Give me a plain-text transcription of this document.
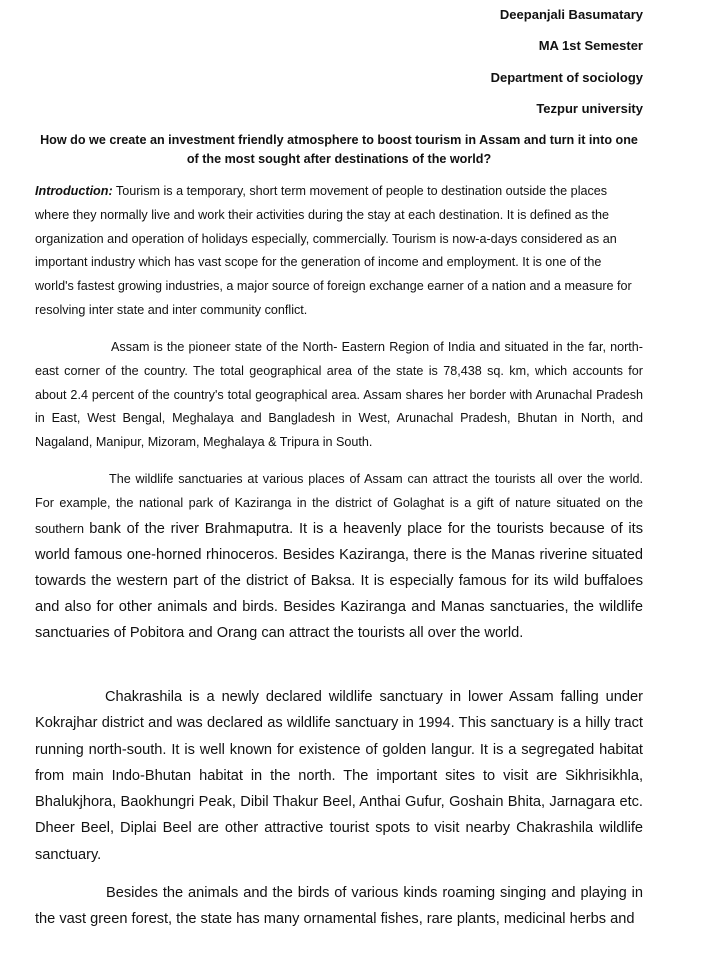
Deepanjali Basumatary
MA 1st Semester
Department of sociology
Tezpur university
How do we create an investment friendly atmosphere to boost tourism in Assam and turn it into one of the most sought after destinations of the world?
Introduction: Tourism is a temporary, short term movement of people to destination outside the places where they normally live and work their activities during the stay at each destination. It is defined as the organization and operation of holidays especially, commercially. Tourism is now-a-days considered as an important industry which has vast scope for the generation of income and employment. It is one of the world's fastest growing industries, a major source of foreign exchange earner of a nation and a measure for resolving inter state and inter community conflict.
Assam is the pioneer state of the North- Eastern Region of India and situated in the far, north-east corner of the country. The total geographical area of the state is 78,438 sq. km, which accounts for about 2.4 percent of the country's total geographical area. Assam shares her border with Arunachal Pradesh in East, West Bengal, Meghalaya and Bangladesh in West, Arunachal Pradesh, Bhutan in North, and Nagaland, Manipur, Mizoram, Meghalaya & Tripura in South.
The wildlife sanctuaries at various places of Assam can attract the tourists all over the world. For example, the national park of Kaziranga in the district of Golaghat is a gift of nature situated on the southern bank of the river Brahmaputra. It is a heavenly place for the tourists because of its world famous one-horned rhinoceros. Besides Kaziranga, there is the Manas riverine situated towards the western part of the district of Baksa. It is especially famous for its wild buffaloes and also for other animals and birds. Besides Kaziranga and Manas sanctuaries, the wildlife sanctuaries of Pobitora and Orang can attract the tourists all over the world.
Chakrashila is a newly declared wildlife sanctuary in lower Assam falling under Kokrajhar district and was declared as wildlife sanctuary in 1994. This sanctuary is a hilly tract running north-south. It is well known for existence of golden langur. It is a segregated habitat from main Indo-Bhutan habitat in the north. The important sites to visit are Sikhrisikhla, Bhalukjhora, Baokhungri Peak, Dibil Thakur Beel, Anthai Gufur, Goshain Bhita, Jarnagara etc. Dheer Beel, Diplai Beel are other attractive tourist spots to visit nearby Chakrashila wildlife sanctuary.
Besides the animals and the birds of various kinds roaming singing and playing in the vast green forest, the state has many ornamental fishes, rare plants, medicinal herbs and
